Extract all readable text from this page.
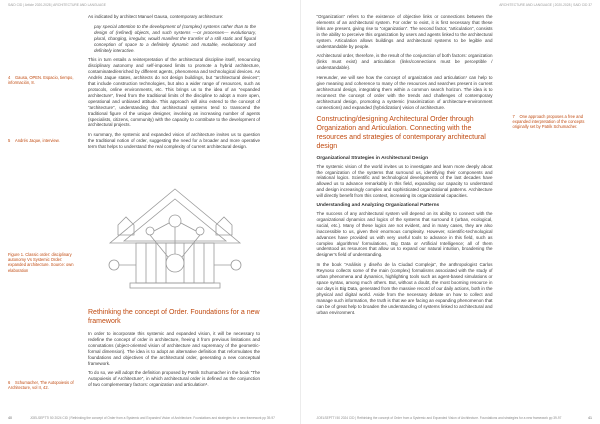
SAID CID | Article 2020-2028 | ARCHITECTURE AND LANGUAGE

As indicated by architect Manuel Gausa, contemporary architecture:

pay special attention to the development of (complex) systems rather than to the design of (refined) objects, and such systems —or processes— evolutionary, plural, changing, irregular, would manifest the transfer of a still static and figural conception of space to a definitely dynamic and mutable, evolutionary and definitely interactive.

This in turn entails a reinterpretation of the architectural discipline itself, renouncing disciplinary autonomy and self-imposed limits to promote a hybrid architecture, contaminated/enriched by different agents, phenomena and technological devices. As Andrés Jaque states, architects do not design buildings, but “architectural devices”; that include construction technologies, but also a wider range of resources, such as protocols, online environments, etc. This brings us to the idea of an “expanded architecture”, freed from the traditional limits of the discipline to adopt a more open, operational and unbiased attitude. This approach will also extend to the concept of “architecture”, understanding that architectural systems tend to transcend the traditional figure of the unique designer, involving an increasing number of agents (specialists, citizens, community) with the capacity to contribute to the development of architectural projects.

In summary, the systemic and expanded vision of architecture invites us to question the traditional notion of order, suggesting the need for a broader and more operative term that helps to understand the real complexity of current architectural design.

Rethinking the concept of Order. Foundations for a new framework

In order to incorporate this systemic and expanded vision, it will be necessary to redefine the concept of order in architecture, freeing it from previous limitations and connotations (object-oriented vision of architecture and supremacy of the geometric-formal dimension). The idea is to adopt an alternative definition that reformulates the foundations and objectives of the architectural order, generating a new conceptual framework.

To do so, we will adopt the definition proposed by Patrik Schumacher in the book “The Autopoiesis of Architecture”, in which architectural order is defined as the conjunction of two complementary factors: organization and articulation⁶.

4 Gausa, OPEN. Espacio, tiempo, información, 8.
5 Andrés Jaque, interview.
Figure 1. Classic order: disciplinary autonomy Vs Systemic Order: expanded architecture. Source: own elaboration
6 Schumacher, The Autopoiesis of Architecture, vol II, 42.
40	JOELSEPTTI 50 2024 CID | Rethinking the concept of Order from a Systemic and Expanded Vision of Architecture. Foundations and strategies for a new framework pp 39-97
ARCHITECTURE AND LANGUAGE | 2020-2028 | SAID CID 37

“Organization” refers to the existence of objective links or connections between the elements of an architectural system. For order to exist, it is first necessary that these links are present, giving rise to “organization”. The second factor, “articulation”, consists in the ability to perceive this organization by users and agents linked to the architectural system. Articulation allows buildings and architectural systems to be legible and understandable by people.

Architectural order, therefore, is the result of the conjunction of both factors: organization (links must exist) and articulation (links/connections must be perceptible / understandable).

Hereunder, we will see how the concept of organization and articulation⁷ can help to give meaning and coherence to many of the resources and searches present in current architectural design, integrating them within a common search horizon. The idea is to reconnect the concept of order with the trends and challenges of contemporary architectural design, promoting a systemic (maximization of architecture-environment connections) and expanded (hybridization) vision of architecture.

Constructing/designing Architectural Order through Organization and Articulation. Connecting with the resources and strategies of contemporary architectural design
Organizational Strategies in Architectural Design

The systemic vision of the world invites us to investigate and learn more deeply about the organization of the systems that surround us, identifying their components and relational logics. Scientific and technological developments of the last decades have allowed us to advance remarkably in this field, expanding our capacity to understand and design increasingly complex and sophisticated organizational patterns. Architecture will directly benefit from this context, increasing its organizational capacities.

Understanding and Analyzing Organizational Patterns

The success of any architectural system will depend on its ability to connect with the organizational dynamics and logics of the systems that surround it (urban, ecological, social, etc.). Many of these logics are not evident, and in many cases, they are also inaccessible to us, given their enormous complexity. However, scientific-technological advances have provided us with very useful tools to advance in this field, such as complex algorithms/ formulations, Big Data or Artificial Intelligence; all of them understood as resources that allow us to expand our natural intuition, broadening the designer's field of understanding.

In the book “Análisis y diseño de la Ciudad Compleja”, the anthropologist Carlos Reynoso collects some of the main (complex) formalisms associated with the study of urban phenomena and dynamics, highlighting tools such as agent-based simulations or space syntax, among much others. But, without a doubt, the most booming resource in our days is Big Data, generated from the massive record of our daily actions, both in the physical and digital world. Aside from the necessary debate on how to collect and manage such information, the truth is that we are facing an expanding phenomenon that can be of great help to broaden the understanding of systems linked to architectural and urban environment.

7 One approach proposes a free and expanded interpretation of the concepts originally set by Patrik Schumacher.
JOELSEPTTI 50 2024 CID | Rethinking the concept of Order from a Systemic and Expanded Vision of Architecture. Foundations and strategies for a new framework pp 39-97	41
